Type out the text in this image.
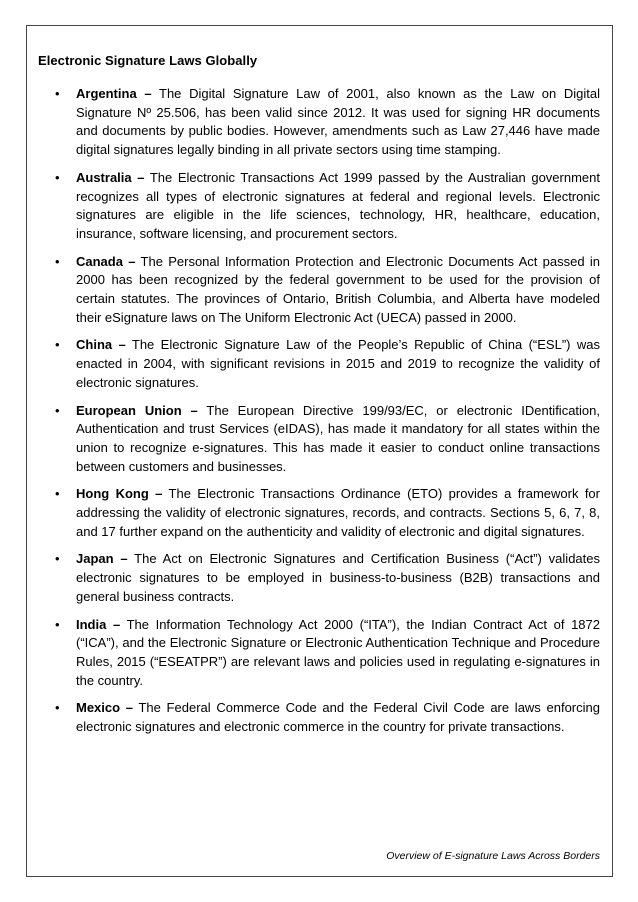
Electronic Signature Laws Globally
• Argentina – The Digital Signature Law of 2001, also known as the Law on Digital Signature Nº 25.506, has been valid since 2012. It was used for signing HR documents and documents by public bodies. However, amendments such as Law 27,446 have made digital signatures legally binding in all private sectors using time stamping.
• Australia – The Electronic Transactions Act 1999 passed by the Australian government recognizes all types of electronic signatures at federal and regional levels. Electronic signatures are eligible in the life sciences, technology, HR, healthcare, education, insurance, software licensing, and procurement sectors.
• Canada – The Personal Information Protection and Electronic Documents Act passed in 2000 has been recognized by the federal government to be used for the provision of certain statutes. The provinces of Ontario, British Columbia, and Alberta have modeled their eSignature laws on The Uniform Electronic Act (UECA) passed in 2000.
• China – The Electronic Signature Law of the People’s Republic of China (“ESL”) was enacted in 2004, with significant revisions in 2015 and 2019 to recognize the validity of electronic signatures.
• European Union – The European Directive 199/93/EC, or electronic IDentification, Authentication and trust Services (eIDAS), has made it mandatory for all states within the union to recognize e-signatures. This has made it easier to conduct online transactions between customers and businesses.
• Hong Kong – The Electronic Transactions Ordinance (ETO) provides a framework for addressing the validity of electronic signatures, records, and contracts. Sections 5, 6, 7, 8, and 17 further expand on the authenticity and validity of electronic and digital signatures.
• Japan – The Act on Electronic Signatures and Certification Business (“Act”) validates electronic signatures to be employed in business-to-business (B2B) transactions and general business contracts.
• India – The Information Technology Act 2000 (“ITA”), the Indian Contract Act of 1872 (“ICA”), and the Electronic Signature or Electronic Authentication Technique and Procedure Rules, 2015 (“ESEATPR”) are relevant laws and policies used in regulating e-signatures in the country.
• Mexico – The Federal Commerce Code and the Federal Civil Code are laws enforcing electronic signatures and electronic commerce in the country for private transactions.
Overview of E-signature Laws Across Borders
